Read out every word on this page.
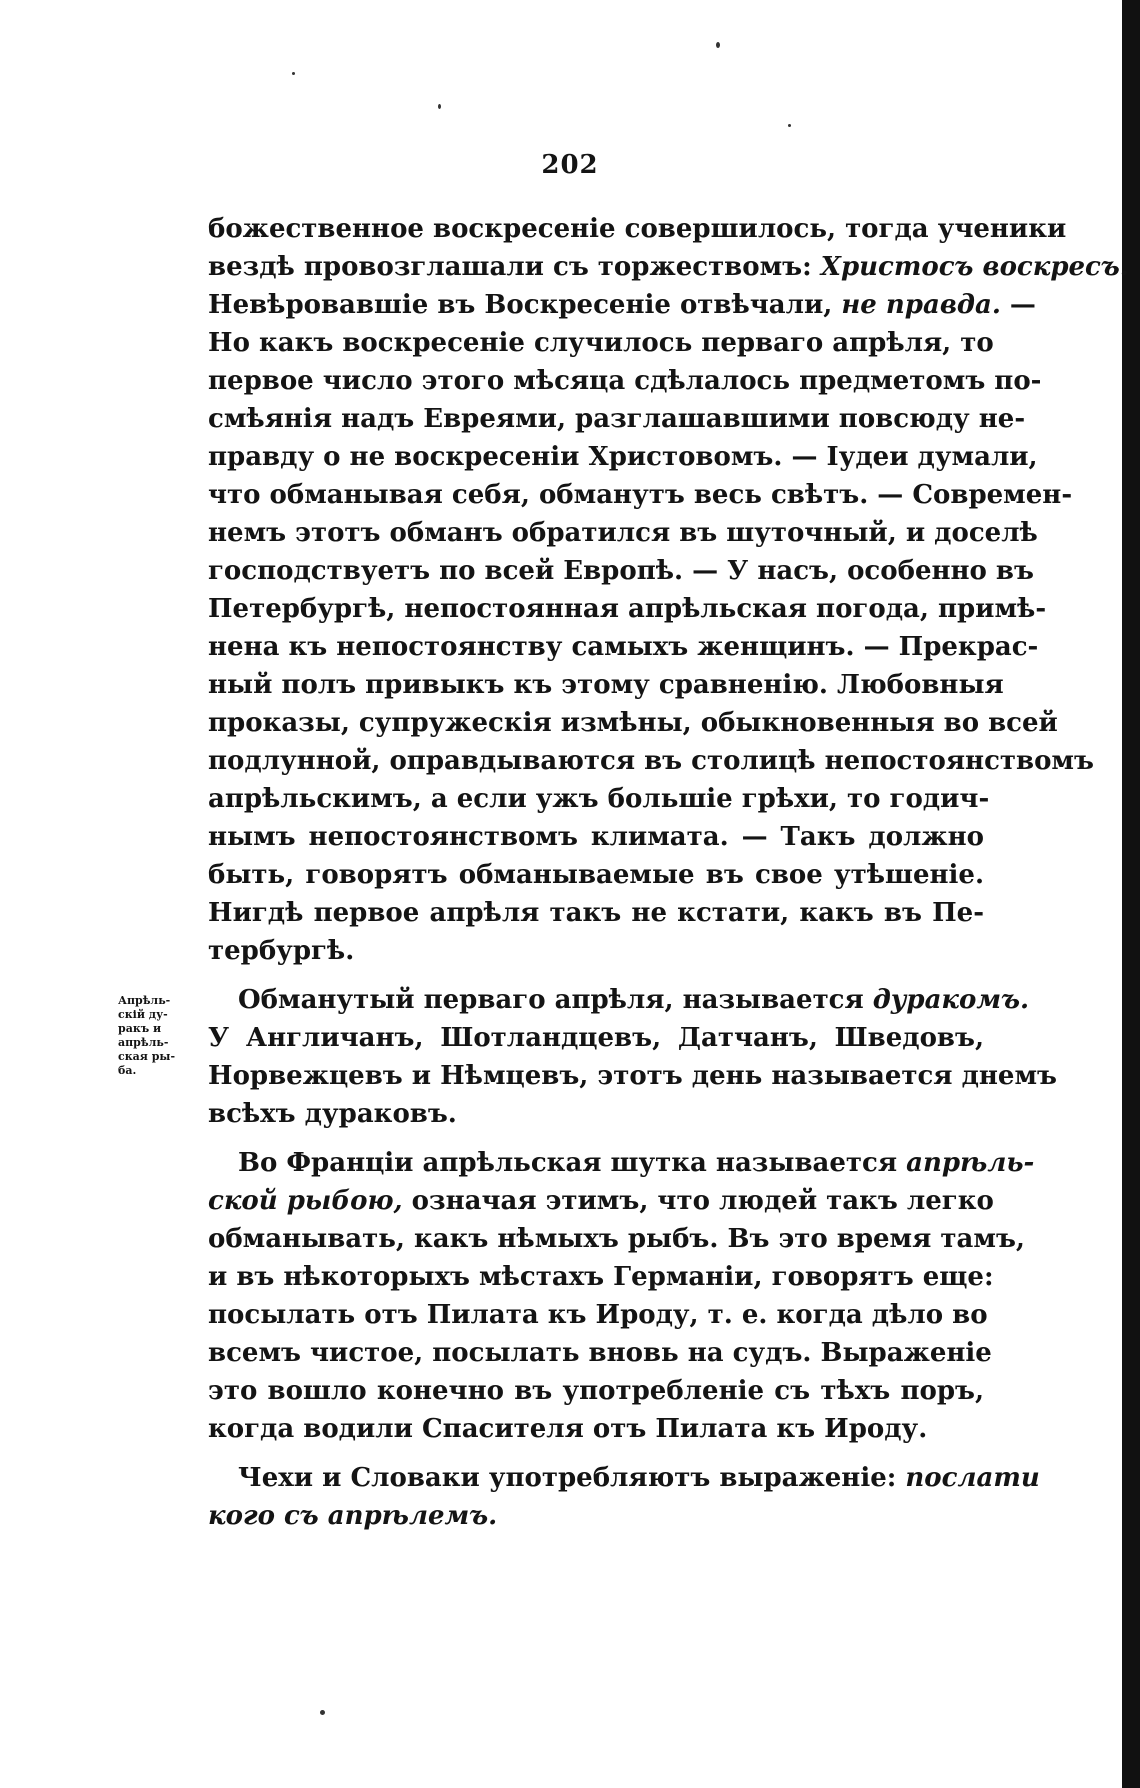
202
божественное воскресеніе совершилось, тогда ученики
вездѣ провозглашали съ торжествомъ: Христосъ воскресъ.
Невѣровавшіе въ Воскресеніе отвѣчали, не правда. —
Но какъ воскресеніе случилось перваго апрѣля, то
первое число этого мѣсяца сдѣлалось предметомъ по-
смѣянія надъ Евреями, разглашавшими повсюду не-
правду о не воскресеніи Христовомъ. — Іудеи думали,
что обманывая себя, обманутъ весь свѣтъ. — Современ-
немъ этотъ обманъ обратился въ шуточный, и доселѣ
господствуетъ по всей Европѣ. — У насъ, особенно въ
Петербургѣ, непостоянная апрѣльская погода, примѣ-
нена къ непостоянству самыхъ женщинъ. — Прекрас-
ный полъ привыкъ къ этому сравненію. Любовныя
проказы, супружескія измѣны, обыкновенныя во всей
подлунной, оправдываются въ столицѣ непостоянствомъ
апрѣльскимъ, а если ужъ большіе грѣхи, то годич-
нымъ непостоянствомъ климата. — Такъ должно
быть, говорятъ обманываемые въ свое утѣшеніе.
Нигдѣ первое апрѣля такъ не кстати, какъ въ Пе-
тербургѣ.
Обманутый перваго апрѣля, называется дуракомъ.
У Англичанъ, Шотландцевъ, Датчанъ, Шведовъ,
Норвежцевъ и Нѣмцевъ, этотъ день называется днемъ
всѣхъ дураковъ.
Во Франціи апрѣльская шутка называется апрѣль-
ской рыбою, означая этимъ, что людей такъ легко
обманывать, какъ нѣмыхъ рыбъ. Въ это время тамъ,
и въ нѣкоторыхъ мѣстахъ Германіи, говорятъ еще:
посылать отъ Пилата къ Ироду, т. е. когда дѣло во
всемъ чистое, посылать вновь на судъ. Выраженіе
это вошло конечно въ употребленіе съ тѣхъ поръ,
когда водили Спасителя отъ Пилата къ Ироду.
Чехи и Словаки употребляютъ выраженіе: послати
кого съ апрѣлемъ.
Апрѣль-
скій ду-
ракъ и
апрѣль-
ская ры-
ба.
